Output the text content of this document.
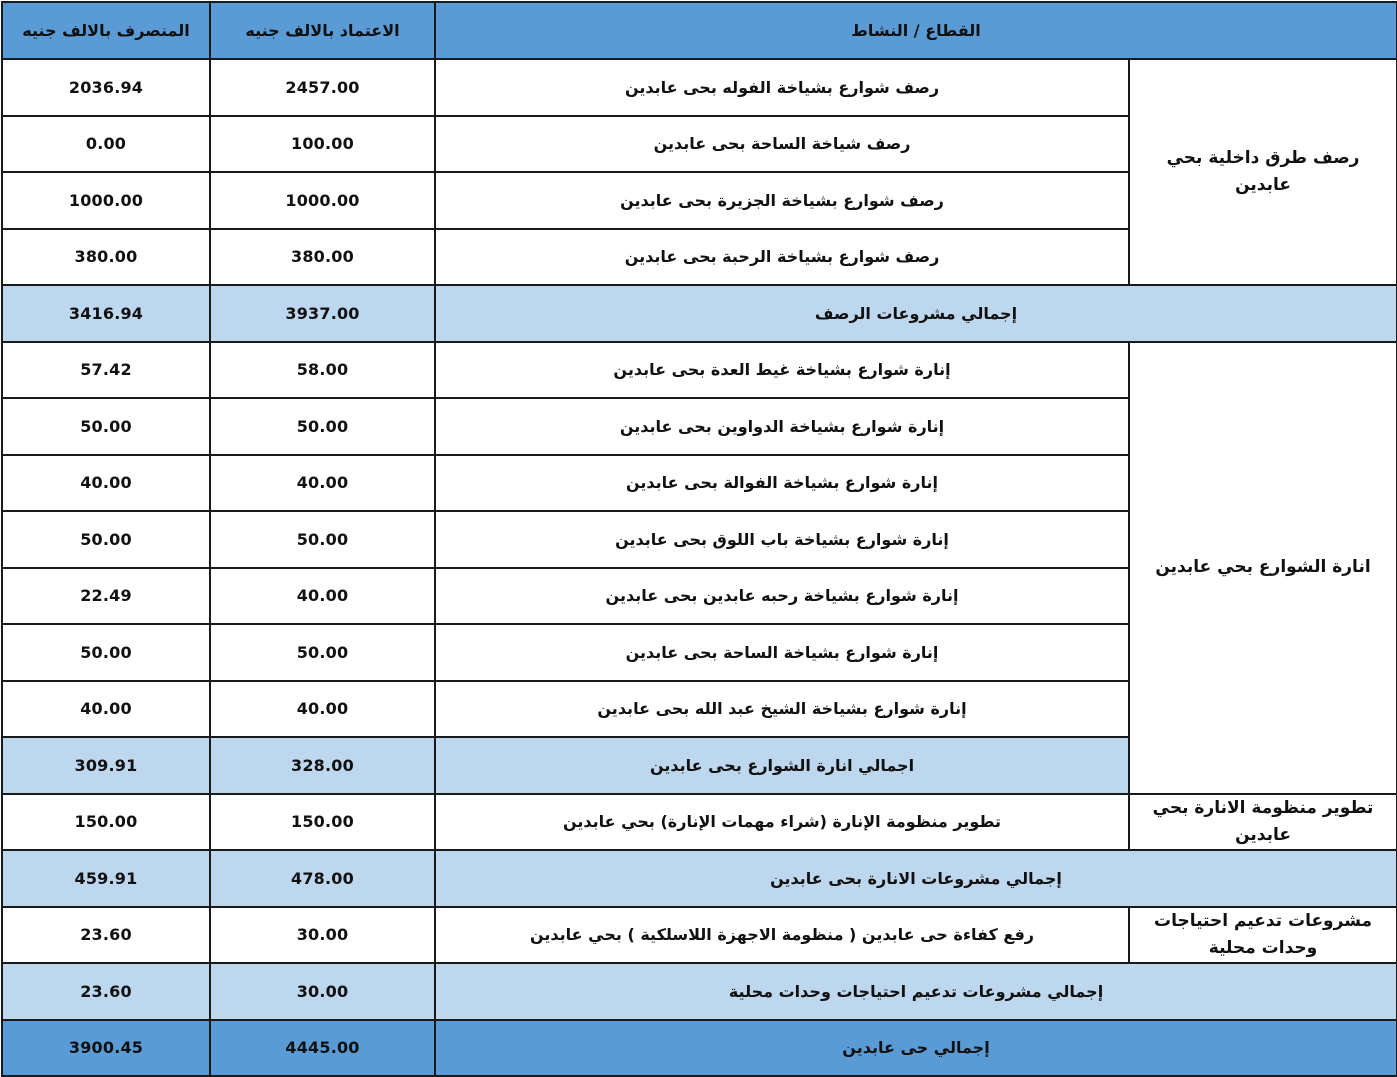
القطاع / النشاط		الاعتماد بالالف جنيه	المنصرف بالالف جنيه
رصف طرق داخلية بحي عابدين	رصف شوارع بشياخة الفوله بحى عابدين	2457.00	2036.94
	رصف شياخة الساحة بحى عابدين	100.00	0.00
	رصف شوارع بشياخة الجزيرة بحى عابدين	1000.00	1000.00
	رصف شوارع بشياخة الرحبة بحى عابدين	380.00	380.00
إجمالي مشروعات الرصف		3937.00	3416.94
انارة الشوارع بحي عابدين	إنارة شوارع بشياخة غيط العدة بحى عابدين	58.00	57.42
	إنارة شوارع بشياخة الدواوين بحى عابدين	50.00	50.00
	إنارة شوارع بشياخة الفوالة بحى عابدين	40.00	40.00
	إنارة شوارع بشياخة باب اللوق بحى عابدين	50.00	50.00
	إنارة شوارع بشياخة رحبه عابدين بحى عابدين	40.00	22.49
	إنارة شوارع بشياخة الساحة بحى عابدين	50.00	50.00
	إنارة شوارع بشياخة الشيخ عبد الله بحى عابدين	40.00	40.00
	اجمالي انارة الشوارع بحى عابدين	328.00	309.91
تطوير منظومة الانارة بحي عابدين	تطوير منظومة الإنارة (شراء مهمات الإنارة) بحي عابدين	150.00	150.00
إجمالي مشروعات الانارة بحى عابدين		478.00	459.91
مشروعات تدعيم احتياجات وحدات محلية	رفع كفاءة حى عابدين ( منظومة الاجهزة اللاسلكية ) بحي عابدين	30.00	23.60
إجمالي مشروعات تدعيم احتياجات وحدات محلية		30.00	23.60
إجمالي حى عابدين		4445.00	3900.45
